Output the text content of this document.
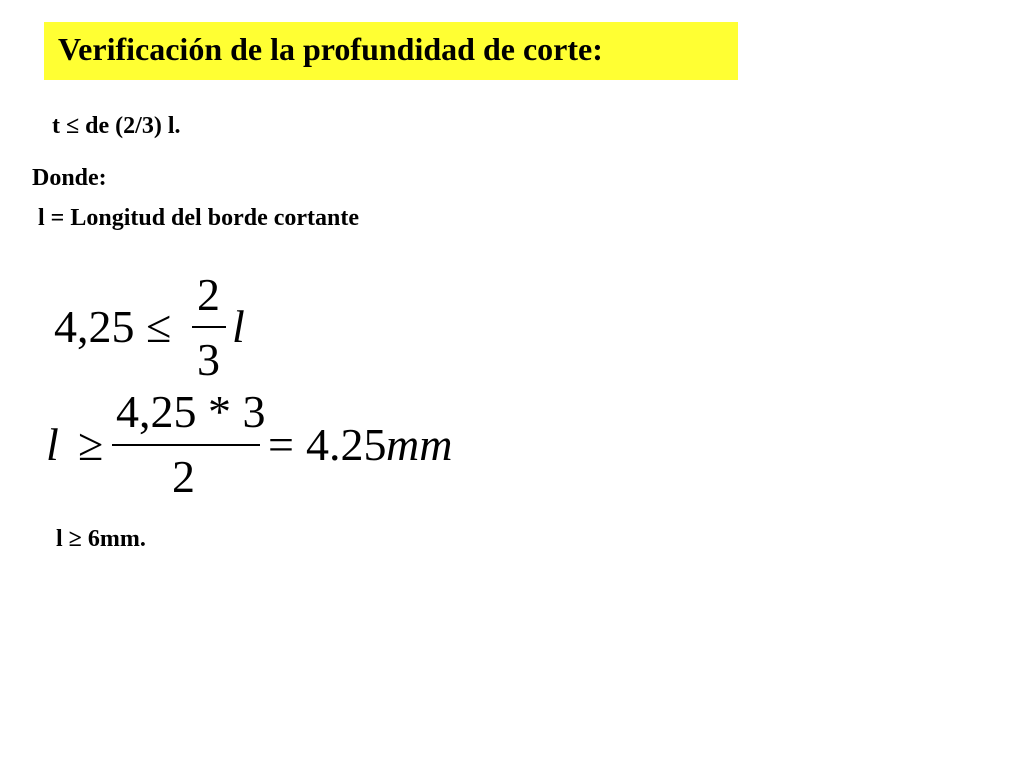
Verificación de la profundidad de corte:
t ≤ de (2/3) l.
Donde:
l = Longitud del borde cortante
4,25 ≤
2
3
l
l ≥
4,25 * 3
2
= 4.25 mm
l ≥ 6mm.
